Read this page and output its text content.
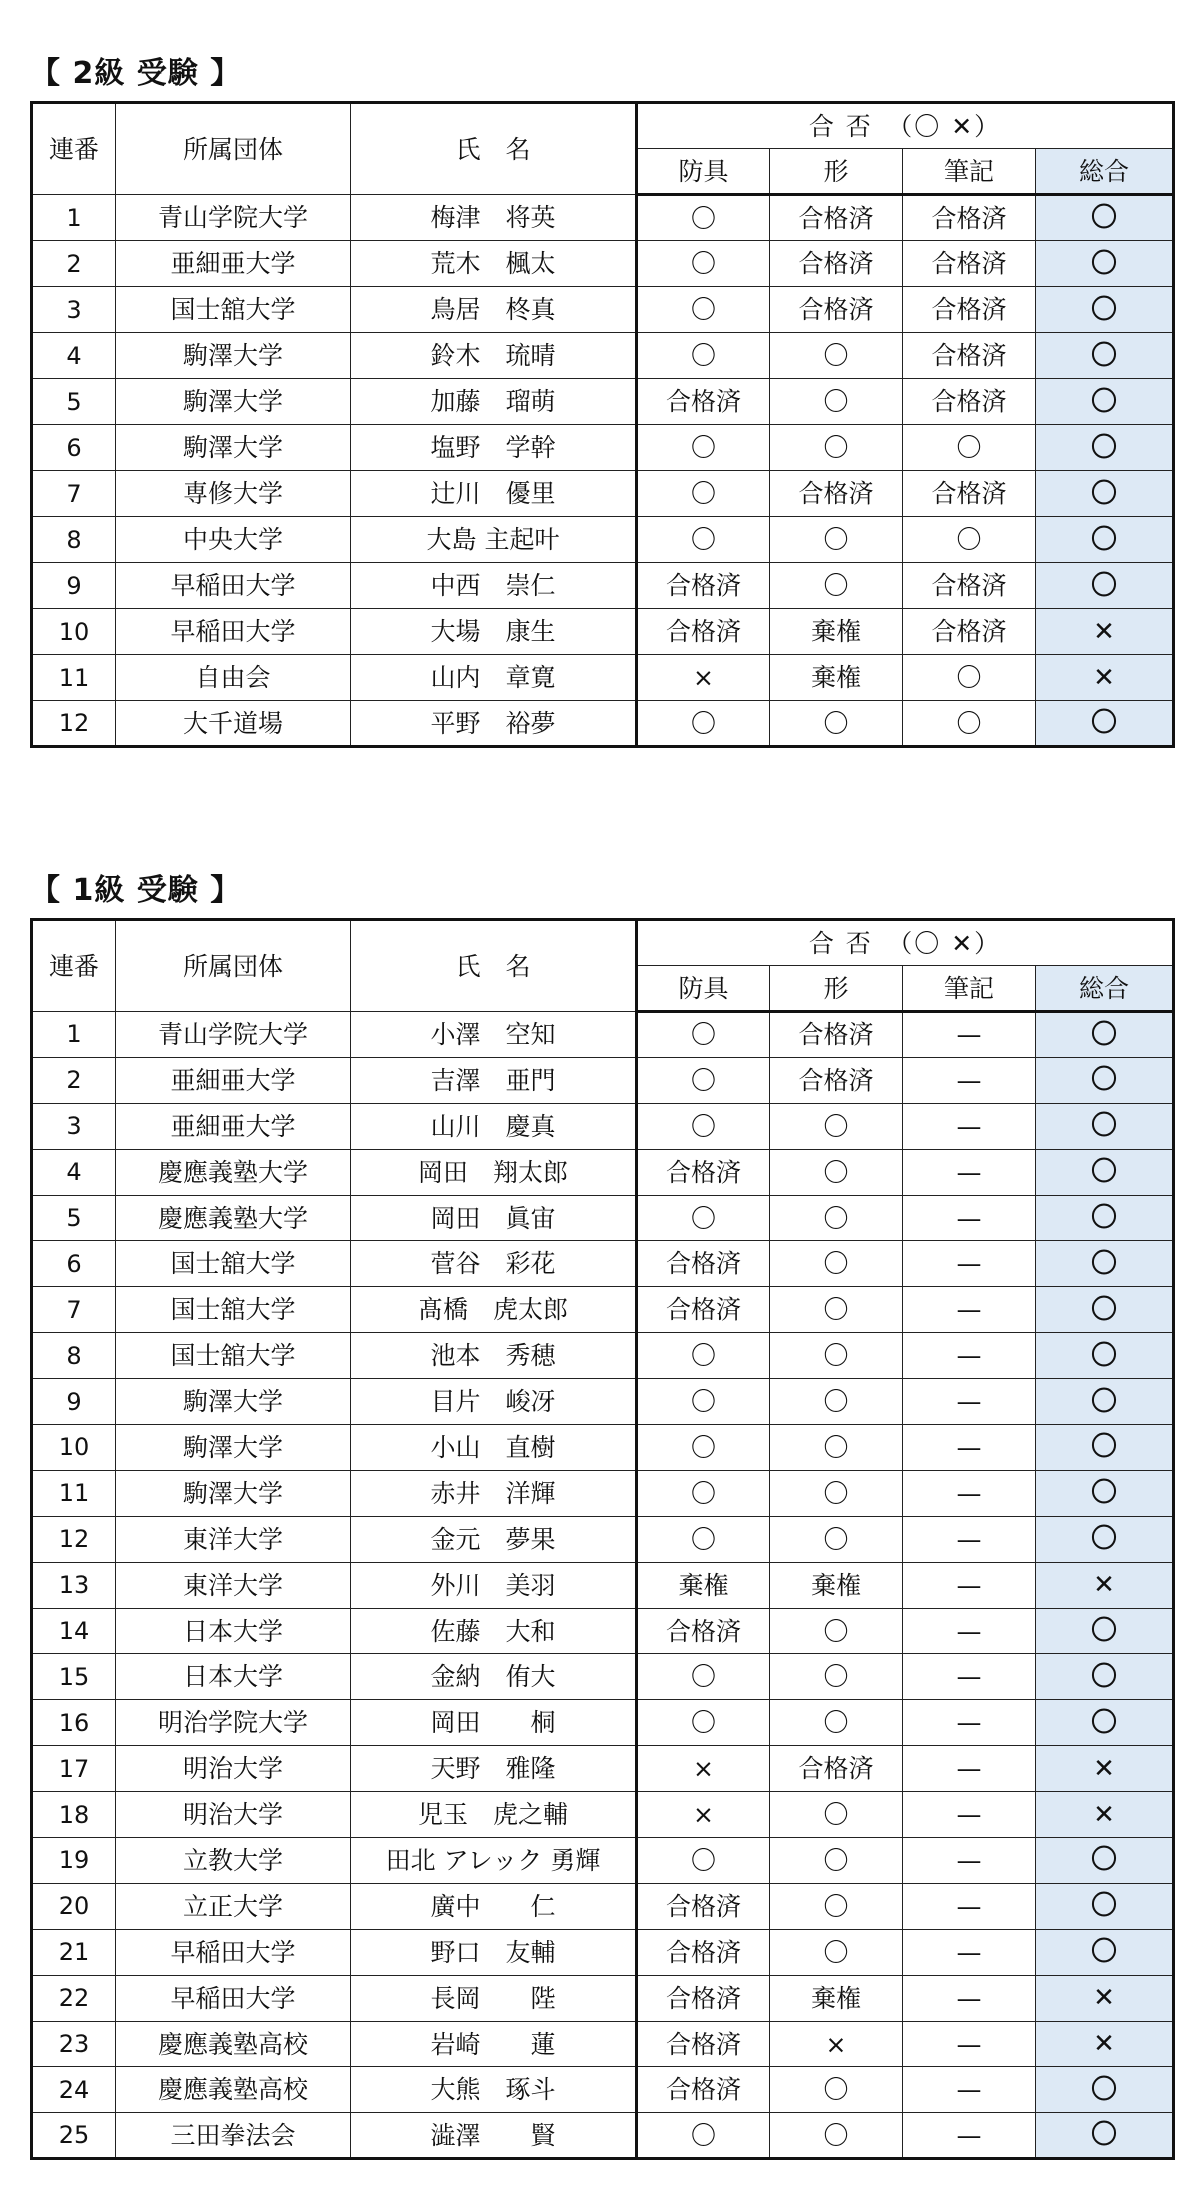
【 2級 受験 】
連番	所属団体	氏　名	合 否　（〇 ✕）			
			防具	形	筆記	総合
1	青山学院大学	梅津　将英	〇	合格済	合格済	〇
2	亜細亜大学	荒木　楓太	〇	合格済	合格済	〇
3	国士舘大学	鳥居　柊真	〇	合格済	合格済	〇
4	駒澤大学	鈴木　琉晴	〇	〇	合格済	〇
5	駒澤大学	加藤　瑠萌	合格済	〇	合格済	〇
6	駒澤大学	塩野　学幹	〇	〇	〇	〇
7	専修大学	辻川　優里	〇	合格済	合格済	〇
8	中央大学	大島 主起叶	〇	〇	〇	〇
9	早稲田大学	中西　崇仁	合格済	〇	合格済	〇
10	早稲田大学	大場　康生	合格済	棄権	合格済	✕
11	自由会	山内　章寛	×	棄権	〇	✕
12	大千道場	平野　裕夢	〇	〇	〇	〇
【 1級 受験 】
連番	所属団体	氏　名	合 否　（〇 ✕）			
			防具	形	筆記	総合
1	青山学院大学	小澤　空知	〇	合格済	—	〇
2	亜細亜大学	吉澤　亜門	〇	合格済	—	〇
3	亜細亜大学	山川　慶真	〇	〇	—	〇
4	慶應義塾大学	岡田　翔太郎	合格済	〇	—	〇
5	慶應義塾大学	岡田　眞宙	〇	〇	—	〇
6	国士舘大学	菅谷　彩花	合格済	〇	—	〇
7	国士舘大学	髙橋　虎太郎	合格済	〇	—	〇
8	国士舘大学	池本　秀穂	〇	〇	—	〇
9	駒澤大学	目片　峻冴	〇	〇	—	〇
10	駒澤大学	小山　直樹	〇	〇	—	〇
11	駒澤大学	赤井　洋輝	〇	〇	—	〇
12	東洋大学	金元　夢果	〇	〇	—	〇
13	東洋大学	外川　美羽	棄権	棄権	—	✕
14	日本大学	佐藤　大和	合格済	〇	—	〇
15	日本大学	金納　侑大	〇	〇	—	〇
16	明治学院大学	岡田　　桐	〇	〇	—	〇
17	明治大学	天野　雅隆	×	合格済	—	✕
18	明治大学	児玉　虎之輔	×	〇	—	✕
19	立教大学	田北 アレック 勇輝	〇	〇	—	〇
20	立正大学	廣中　　仁	合格済	〇	—	〇
21	早稲田大学	野口　友輔	合格済	〇	—	〇
22	早稲田大学	長岡　　陛	合格済	棄権	—	✕
23	慶應義塾高校	岩崎　　蓮	合格済	×	—	✕
24	慶應義塾高校	大熊　琢斗	合格済	〇	—	〇
25	三田拳法会	澁澤　　賢	〇	〇	—	〇
